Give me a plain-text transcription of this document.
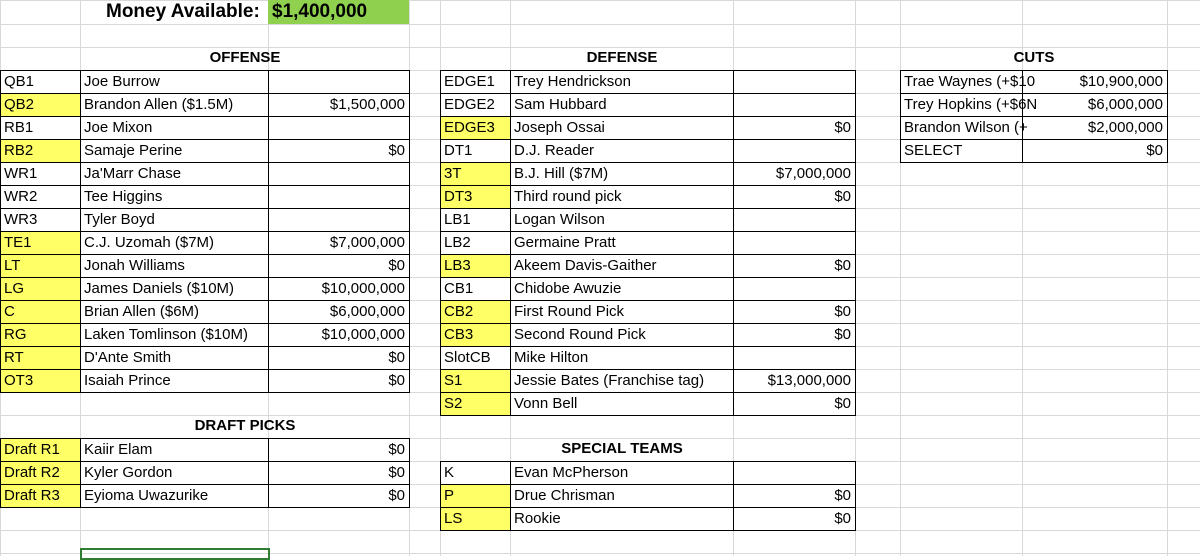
Money Available: $1,400,000
OFFENSE
QB1	Joe Burrow
QB2	Brandon Allen ($1.5M)	$1,500,000
RB1	Joe Mixon
RB2	Samaje Perine	$0
WR1	Ja'Marr Chase
WR2	Tee Higgins
WR3	Tyler Boyd
TE1	C.J. Uzomah ($7M)	$7,000,000
LT	Jonah Williams	$0
LG	James Daniels ($10M)	$10,000,000
C	Brian Allen ($6M)	$6,000,000
RG	Laken Tomlinson ($10M)	$10,000,000
RT	D'Ante Smith	$0
OT3	Isaiah Prince	$0
DEFENSE
EDGE1	Trey Hendrickson
EDGE2	Sam Hubbard
EDGE3	Joseph Ossai	$0
DT1	D.J. Reader
3T	B.J. Hill ($7M)	$7,000,000
DT3	Third round pick	$0
LB1	Logan Wilson
LB2	Germaine Pratt
LB3	Akeem Davis-Gaither	$0
CB1	Chidobe Awuzie
CB2	First Round Pick	$0
CB3	Second Round Pick	$0
SlotCB	Mike Hilton
S1	Jessie Bates (Franchise tag)	$13,000,000
S2	Vonn Bell	$0
CUTS
Trae Waynes (+$10	$10,900,000
Trey Hopkins (+$6N	$6,000,000
Brandon Wilson (+	$2,000,000
SELECT	$0
DRAFT PICKS
Draft R1	Kaiir Elam	$0
Draft R2	Kyler Gordon	$0
Draft R3	Eyioma Uwazurike	$0
SPECIAL TEAMS
K	Evan McPherson
P	Drue Chrisman	$0
LS	Rookie	$0
